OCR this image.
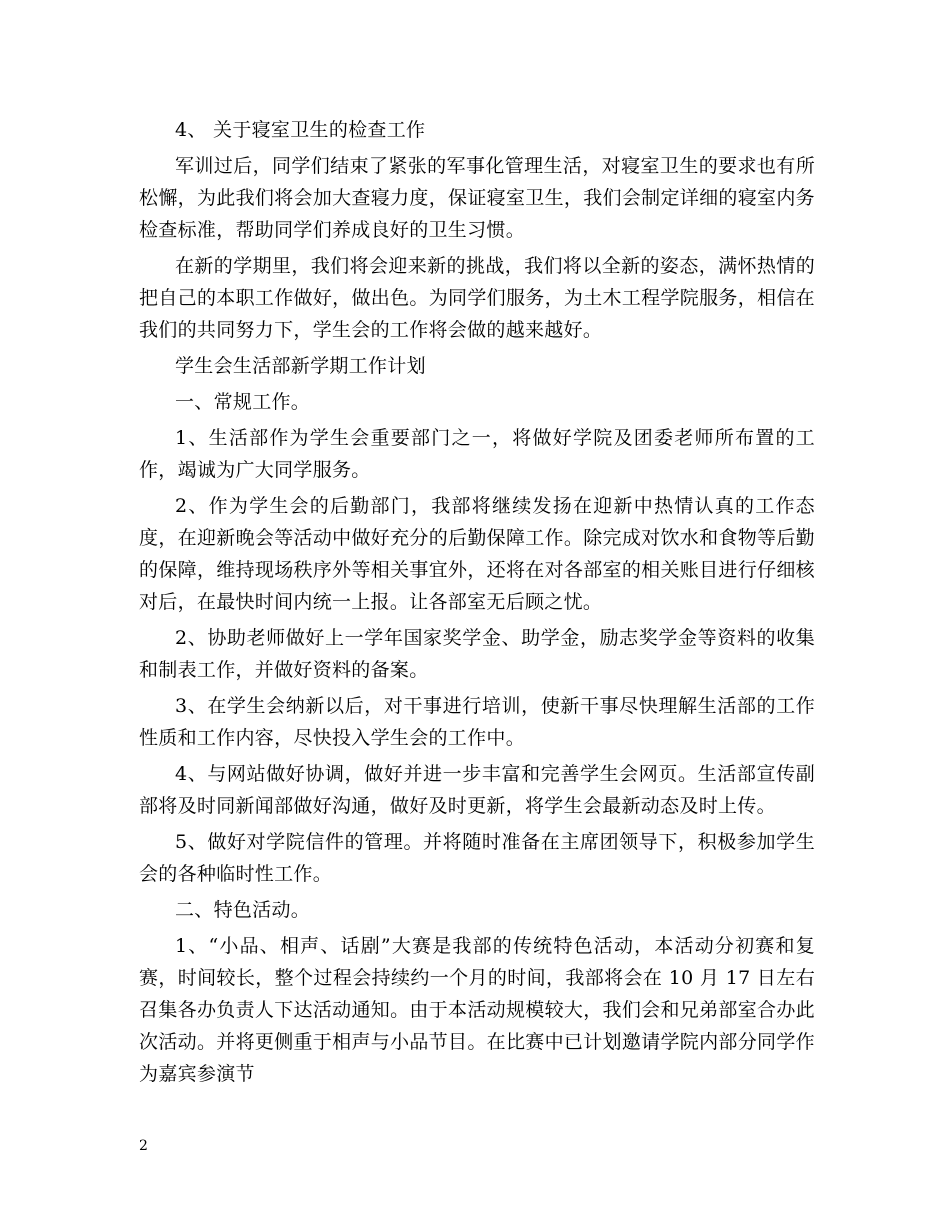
4、 关于寝室卫生的检查工作

军训过后，同学们结束了紧张的军事化管理生活，对寝室卫生的要求也有所松懈，为此我们将会加大查寝力度，保证寝室卫生，我们会制定详细的寝室内务检查标准，帮助同学们养成良好的卫生习惯。

在新的学期里，我们将会迎来新的挑战，我们将以全新的姿态，满怀热情的把自己的本职工作做好，做出色。为同学们服务，为土木工程学院服务，相信在我们的共同努力下，学生会的工作将会做的越来越好。

学生会生活部新学期工作计划

一、常规工作。

1、生活部作为学生会重要部门之一，将做好学院及团委老师所布置的工作，竭诚为广大同学服务。

2、作为学生会的后勤部门，我部将继续发扬在迎新中热情认真的工作态度，在迎新晚会等活动中做好充分的后勤保障工作。除完成对饮水和食物等后勤的保障，维持现场秩序外等相关事宜外，还将在对各部室的相关账目进行仔细核对后，在最快时间内统一上报。让各部室无后顾之忧。

2、协助老师做好上一学年国家奖学金、助学金，励志奖学金等资料的收集和制表工作，并做好资料的备案。

3、在学生会纳新以后，对干事进行培训，使新干事尽快理解生活部的工作性质和工作内容，尽快投入学生会的工作中。

4、与网站做好协调，做好并进一步丰富和完善学生会网页。生活部宣传副部将及时同新闻部做好沟通，做好及时更新，将学生会最新动态及时上传。

5、做好对学院信件的管理。并将随时准备在主席团领导下，积极参加学生会的各种临时性工作。

二、特色活动。

1、“小品、相声、话剧”大赛是我部的传统特色活动，本活动分初赛和复赛，时间较长，整个过程会持续约一个月的时间，我部将会在 10 月 17 日左右召集各办负责人下达活动通知。由于本活动规模较大，我们会和兄弟部室合办此次活动。并将更侧重于相声与小品节目。在比赛中已计划邀请学院内部分同学作为嘉宾参演节

2
